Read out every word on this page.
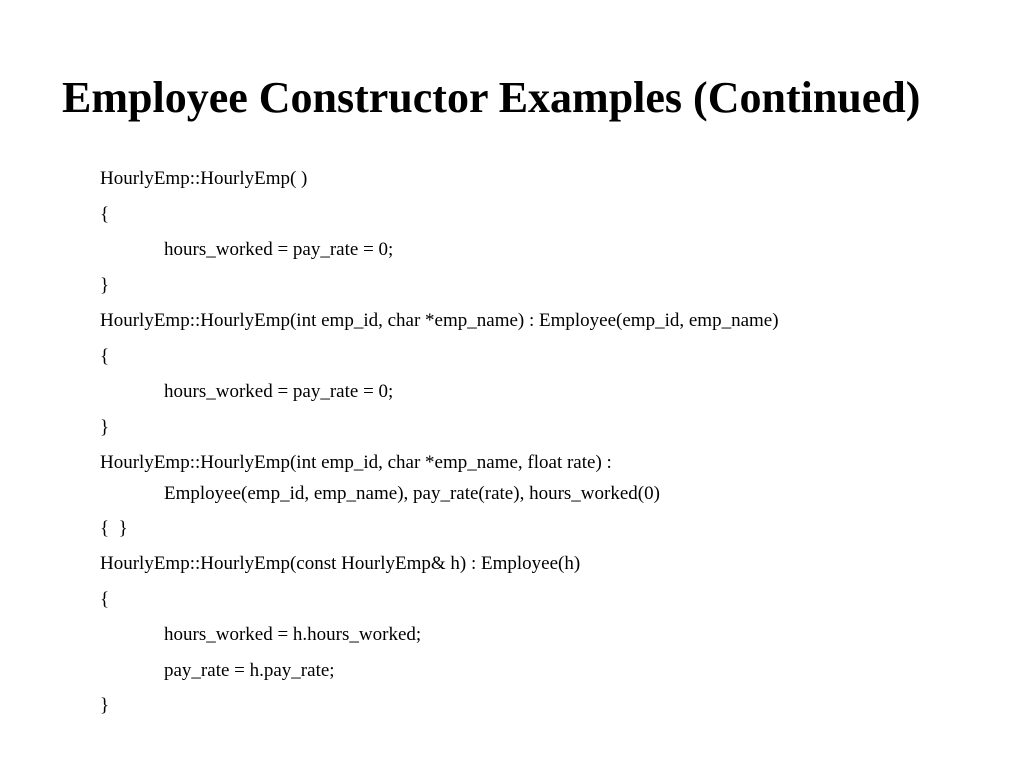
Employee Constructor Examples (Continued)
HourlyEmp::HourlyEmp( )
{
hours_worked = pay_rate = 0;
}
HourlyEmp::HourlyEmp(int emp_id, char *emp_name) : Employee(emp_id, emp_name)
{
hours_worked = pay_rate = 0;
}
HourlyEmp::HourlyEmp(int emp_id, char *emp_name, float rate) :
Employee(emp_id, emp_name), pay_rate(rate), hours_worked(0)
{  }
HourlyEmp::HourlyEmp(const HourlyEmp& h) : Employee(h)
{
hours_worked = h.hours_worked;
pay_rate = h.pay_rate;
}
